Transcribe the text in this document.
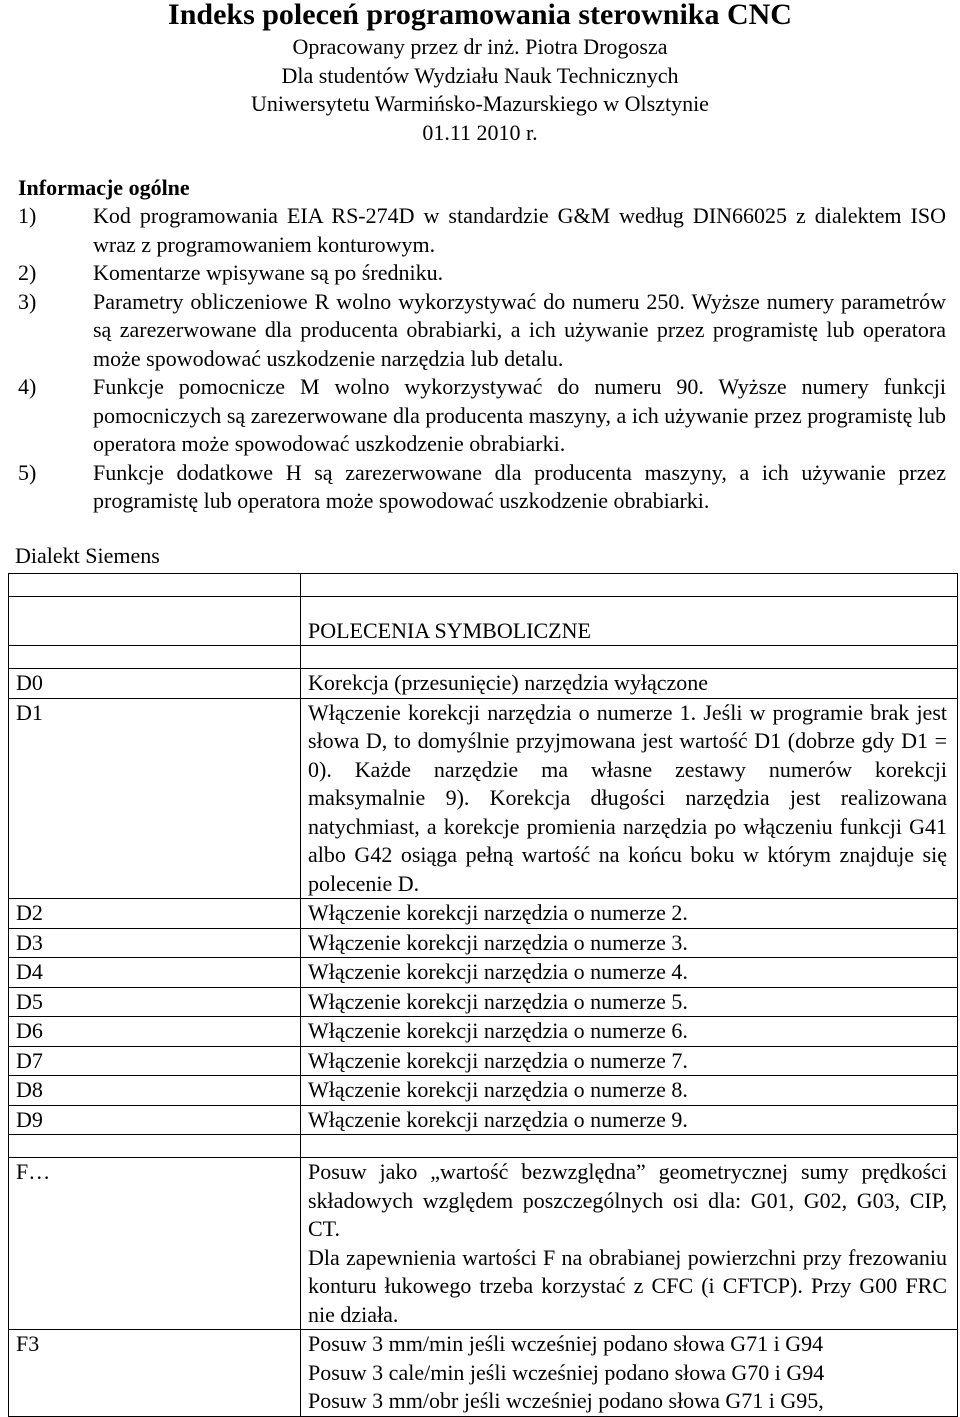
Indeks poleceń programowania sterownika CNC
Opracowany przez dr inż. Piotra Drogosza
Dla studentów Wydziału Nauk Technicznych
Uniwersytetu Warmińsko-Mazurskiego w Olsztynie
01.11 2010 r.
Informacje ogólne
1)	Kod programowania EIA RS-274D w standardzie G&M według DIN66025 z dialektem ISO wraz z programowaniem konturowym.
2)	Komentarze wpisywane są po średniku.
3)	Parametry obliczeniowe R wolno wykorzystywać do numeru 250. Wyższe numery parametrów są zarezerwowane dla producenta obrabiarki, a ich używanie przez programistę lub operatora może spowodować uszkodzenie narzędzia lub detalu.
4)	Funkcje pomocnicze M wolno wykorzystywać do numeru 90. Wyższe numery funkcji pomocniczych są zarezerwowane dla producenta maszyny, a ich używanie przez programistę lub operatora może spowodować uszkodzenie obrabiarki.
5)	Funkcje dodatkowe H są zarezerwowane dla producenta maszyny, a ich używanie przez programistę lub operatora może spowodować uszkodzenie obrabiarki.
Dialekt Siemens

	POLECENIA SYMBOLICZNE

D0	Korekcja (przesunięcie) narzędzia wyłączone
D1	Włączenie korekcji narzędzia o numerze 1. Jeśli w programie brak jest słowa D, to domyślnie przyjmowana jest wartość D1 (dobrze gdy D1 = 0). Każde narzędzie ma własne zestawy numerów korekcji maksymalnie 9). Korekcja długości narzędzia jest realizowana natychmiast, a korekcje promienia narzędzia po włączeniu funkcji G41 albo G42 osiąga pełną wartość na końcu boku w którym znajduje się polecenie D.
D2	Włączenie korekcji narzędzia o numerze 2.
D3	Włączenie korekcji narzędzia o numerze 3.
D4	Włączenie korekcji narzędzia o numerze 4.
D5	Włączenie korekcji narzędzia o numerze 5.
D6	Włączenie korekcji narzędzia o numerze 6.
D7	Włączenie korekcji narzędzia o numerze 7.
D8	Włączenie korekcji narzędzia o numerze 8.
D9	Włączenie korekcji narzędzia o numerze 9.

F…	Posuw jako „wartość bezwzględna” geometrycznej sumy prędkości składowych względem poszczególnych osi dla: G01, G02, G03, CIP, CT.
Dla zapewnienia wartości F na obrabianej powierzchni przy frezowaniu konturu łukowego trzeba korzystać z CFC (i CFTCP). Przy G00 FRC nie działa.

F3	Posuw 3 mm/min jeśli wcześniej podano słowa G71 i G94
Posuw 3 cale/min jeśli wcześniej podano słowa G70 i G94
Posuw 3 mm/obr jeśli wcześniej podano słowa G71 i G95,
